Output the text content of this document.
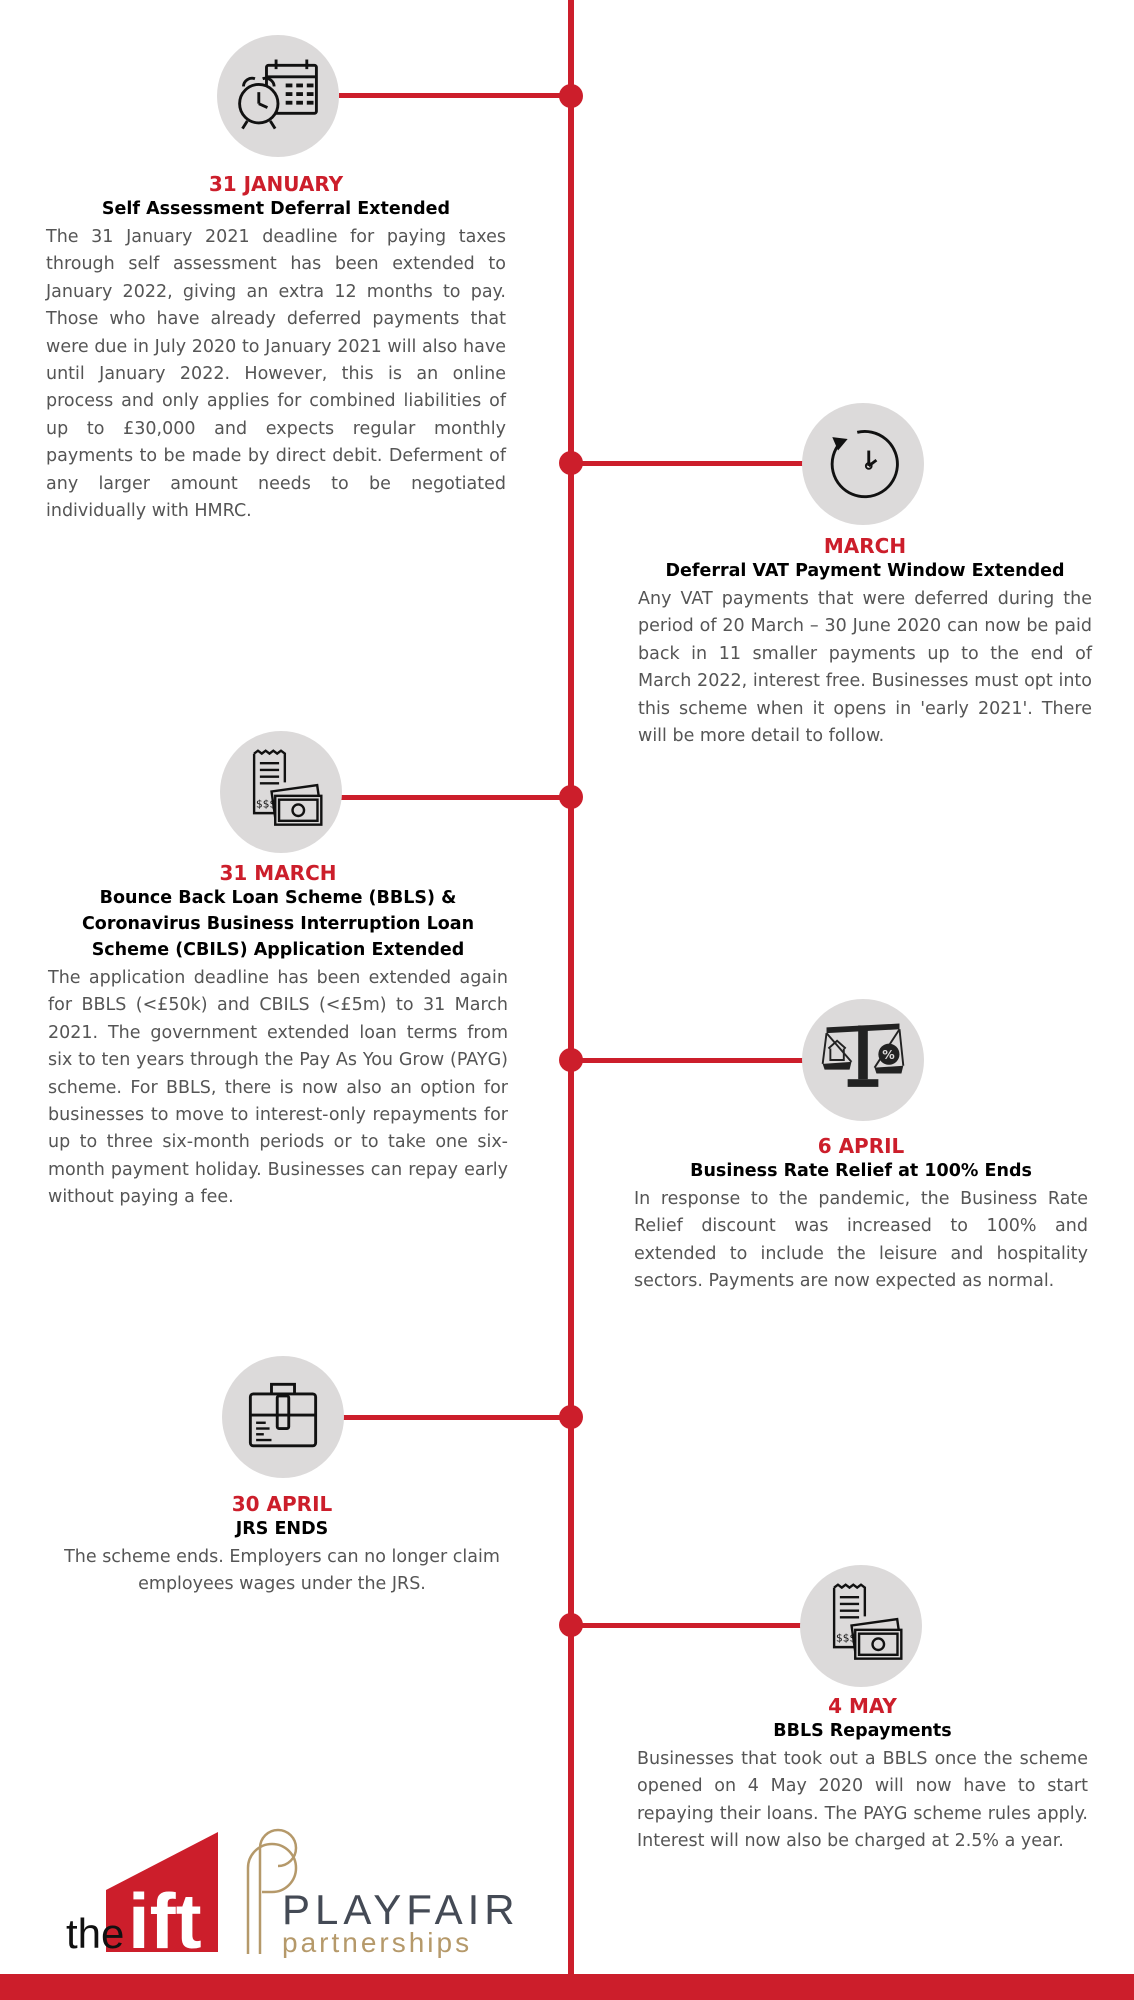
31 JANUARY
Self Assessment Deferral Extended
The 31 January 2021 deadline for paying taxes through self assessment has been extended to January 2022, giving an extra 12 months to pay. Those who have already deferred payments that were due in July 2020 to January 2021 will also have until January 2022. However, this is an online process and only applies for combined liabilities of up to £30,000 and expects regular monthly payments to be made by direct debit. Deferment of any larger amount needs to be negotiated individually with HMRC.
MARCH
Deferral VAT Payment Window Extended
Any VAT payments that were deferred during the period of 20 March – 30 June 2020 can now be paid back in 11 smaller payments up to the end of March 2022, interest free. Businesses must opt into this scheme when it opens in 'early 2021'. There will be more detail to follow.
$$$
31 MARCH
Bounce Back Loan Scheme (BBLS) &
Coronavirus Business Interruption Loan
Scheme (CBILS) Application Extended
The application deadline has been extended again for BBLS (<£50k) and CBILS (<£5m) to 31 March 2021. The government extended loan terms from six to ten years through the Pay As You Grow (PAYG) scheme. For BBLS, there is now also an option for businesses to move to interest-only repayments for up to three six-month periods or to take one six-month payment holiday. Businesses can repay early without paying a fee.
%
6 APRIL
Business Rate Relief at 100% Ends
In response to the pandemic, the Business Rate Relief discount was increased to 100% and extended to include the leisure and hospitality sectors. Payments are now expected as normal.
30 APRIL
JRS ENDS
The scheme ends. Employers can no longer claim employees wages under the JRS.
$$$
4 MAY
BBLS Repayments
Businesses that took out a BBLS once the scheme opened on 4 May 2020 will now have to start repaying their loans. The PAYG scheme rules apply. Interest will now also be charged at 2.5% a year.
the ift PLAYFAIR
partnerships
